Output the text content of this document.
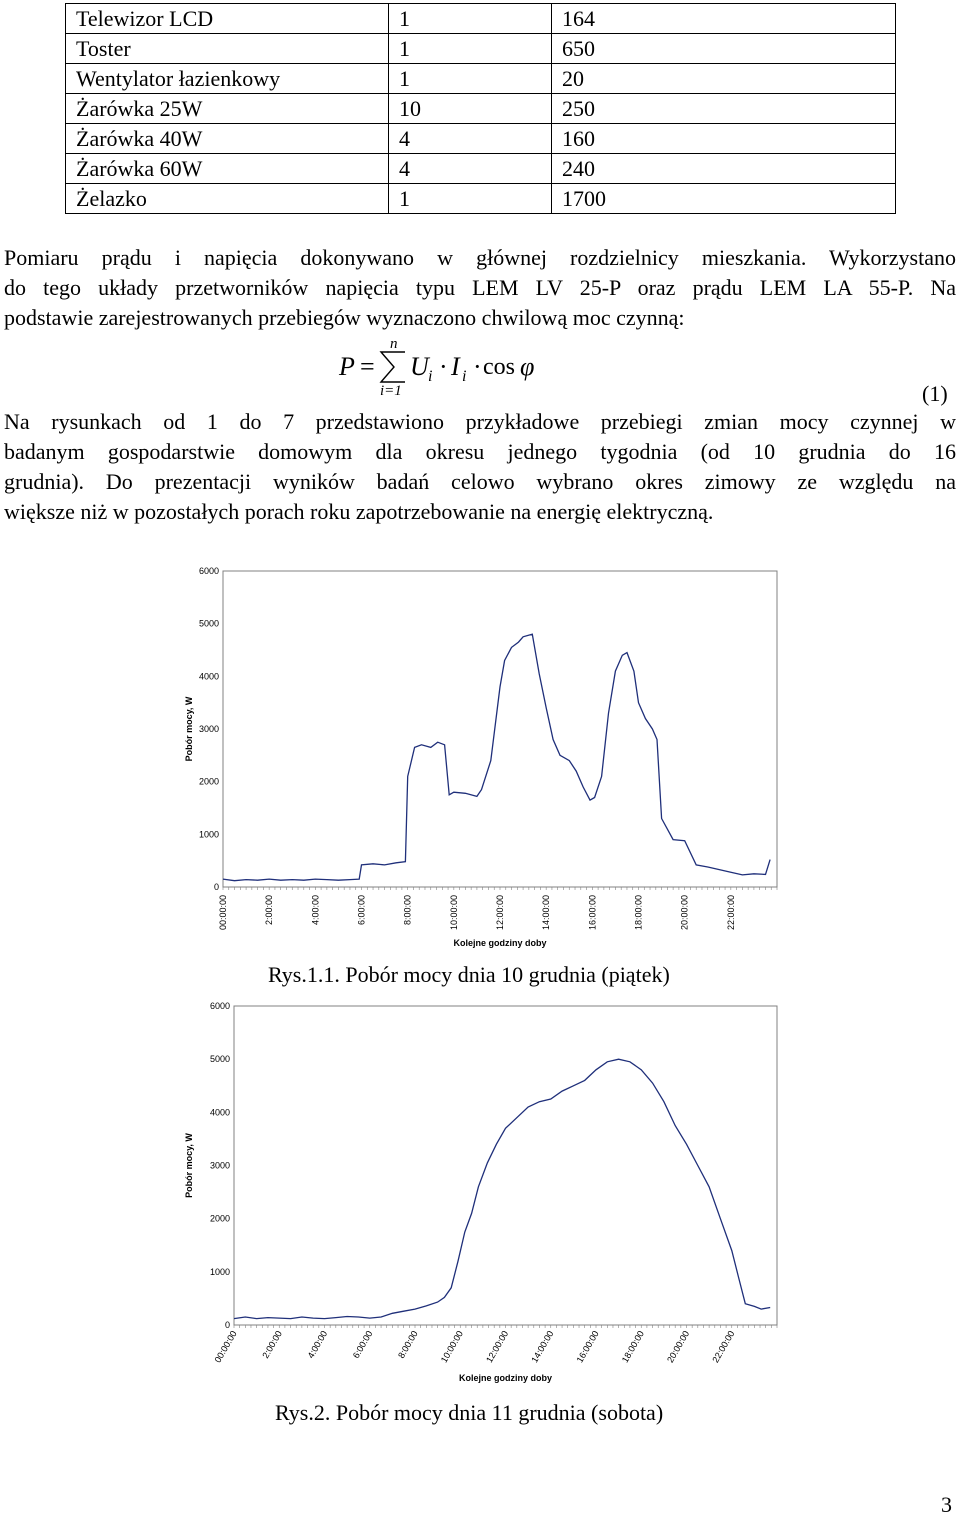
Telewizor LCD	1	164
Toster	1	650
Wentylator łazienkowy	1	20
Żarówka 25W	10	250
Żarówka 40W	4	160
Żarówka 60W	4	240
Żelazko	1	1700
Pomiaru prądu i napięcia dokonywano w głównej rozdzielnicy mieszkania. Wykorzystano
do tego układy przetworników napięcia typu LEM LV 25-P oraz prądu LEM LA 55-P. Na
podstawie zarejestrowanych przebiegów wyznaczono chwilową moc czynną:
P =
n
i=1
U i · I i · cos φ
(1)
Na rysunkach od 1 do 7 przedstawiono przykładowe przebiegi zmian mocy czynnej w
badanym gospodarstwie domowym dla okresu jednego tygodnia (od 10 grudnia do 16
grudnia). Do prezentacji wyników badań celowo wybrano okres zimowy ze względu na
większe niż w pozostałych porach roku zapotrzebowanie na energię elektryczną.
0
1000
2000
3000
4000
5000
6000
00:00:00	2:00:00	4:00:00	6:00:00	8:00:00	10:00:00	12:00:00	14:00:00	16:00:00	18:00:00	20:00:00	22:00:00
Pobór mocy, W
Kolejne godziny doby
Rys.1.1. Pobór mocy dnia 10 grudnia (piątek)
0
1000
2000
3000
4000
5000
6000
00:00:00 2:00:00 4:00:00 6:00:00 8:00:00 10:00:00 12:00:00 14:00:00 16:00:00 18:00:00 20:00:00 22:00:00
Pobór mocy, W
Kolejne godziny doby
Rys.2. Pobór mocy dnia 11 grudnia (sobota)
3
